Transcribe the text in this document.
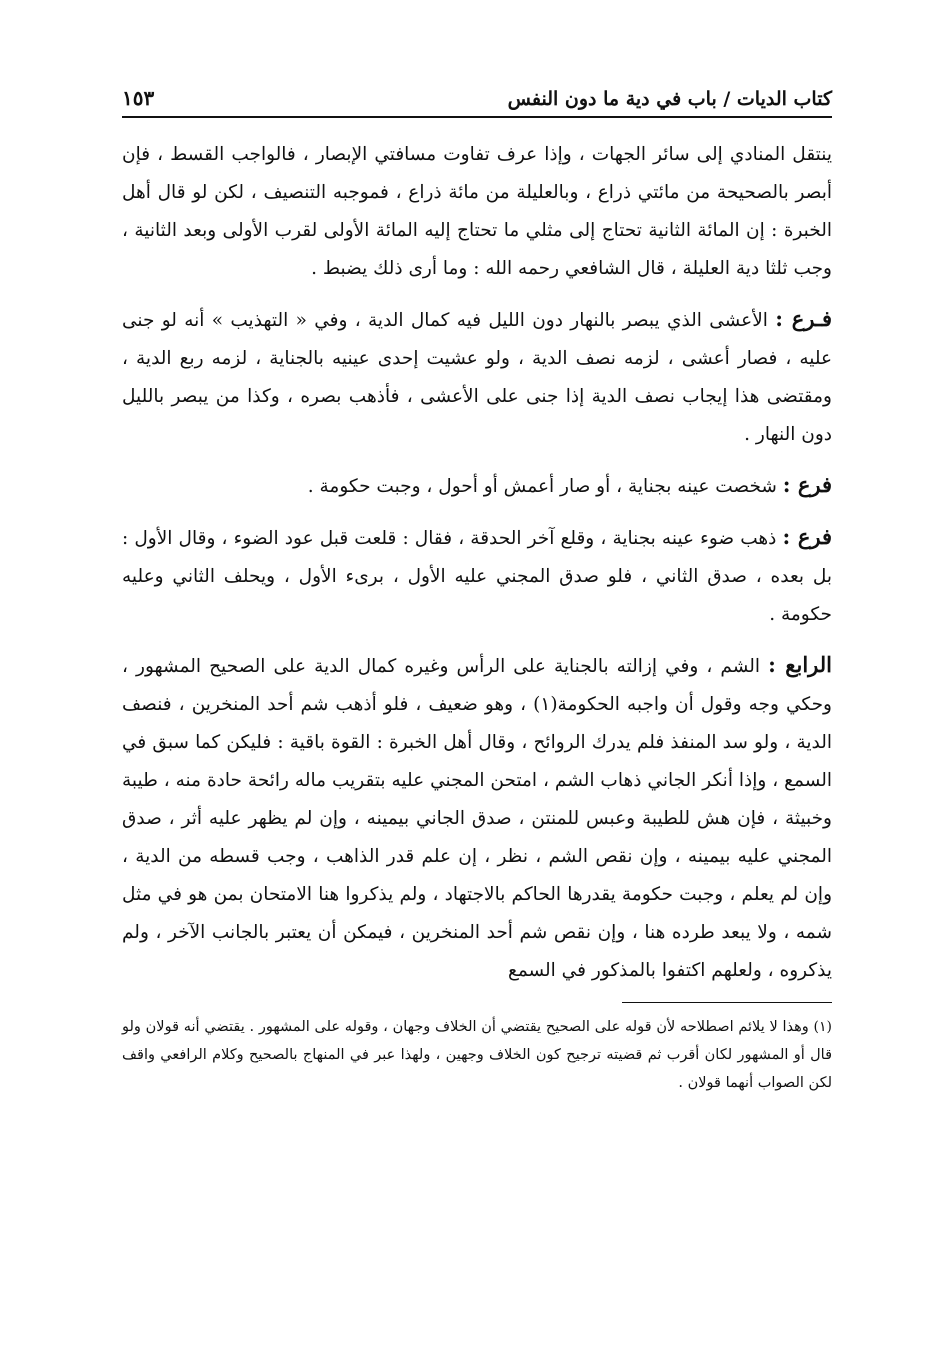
كتاب الديات / باب في دية ما دون النفس
١٥٣

ينتقل المنادي إلى سائر الجهات ، وإذا عرف تفاوت مسافتي الإبصار ، فالواجب القسط ، فإن أبصر بالصحيحة من مائتي ذراع ، وبالعليلة من مائة ذراع ، فموجبه التنصيف ، لكن لو قال أهل الخبرة : إن المائة الثانية تحتاج إلى مثلي ما تحتاج إليه المائة الأولى لقرب الأولى وبعد الثانية ، وجب ثلثا دية العليلة ، قال الشافعي رحمه الله : وما أرى ذلك يضبط .

فـرع : الأعشى الذي يبصر بالنهار دون الليل فيه كمال الدية ، وفي « التهذيب » أنه لو جنى عليه ، فصار أعشى ، لزمه نصف الدية ، ولو عشيت إحدى عينيه بالجناية ، لزمه ربع الدية ، ومقتضى هذا إيجاب نصف الدية إذا جنى على الأعشى ، فأذهب بصره ، وكذا من يبصر بالليل دون النهار .

فرع : شخصت عينه بجناية ، أو صار أعمش أو أحول ، وجبت حكومة .

فرع : ذهب ضوء عينه بجناية ، وقلع آخر الحدقة ، فقال : قلعت قبل عود الضوء ، وقال الأول : بل بعده ، صدق الثاني ، فلو صدق المجني عليه الأول ، برىء الأول ، ويحلف الثاني وعليه حكومة .

الرابع : الشم ، وفي إزالته بالجناية على الرأس وغيره كمال الدية على الصحيح المشهور ، وحكي وجه وقول أن واجبه الحكومة(١) ، وهو ضعيف ، فلو أذهب شم أحد المنخرين ، فنصف الدية ، ولو سد المنفذ فلم يدرك الروائح ، وقال أهل الخبرة : القوة باقية : فليكن كما سبق في السمع ، وإذا أنكر الجاني ذهاب الشم ، امتحن المجني عليه بتقريب ماله رائحة حادة منه ، طيبة وخبيثة ، فإن هش للطيبة وعبس للمنتن ، صدق الجاني بيمينه ، وإن لم يظهر عليه أثر ، صدق المجني عليه بيمينه ، وإن نقص الشم ، نظر ، إن علم قدر الذاهب ، وجب قسطه من الدية ، وإن لم يعلم ، وجبت حكومة يقدرها الحاكم بالاجتهاد ، ولم يذكروا هنا الامتحان بمن هو في مثل شمه ، ولا يبعد طرده هنا ، وإن نقص شم أحد المنخرين ، فيمكن أن يعتبر بالجانب الآخر ، ولم يذكروه ، ولعلهم اكتفوا بالمذكور في السمع

(١) وهذا لا يلائم اصطلاحه لأن قوله على الصحيح يقتضي أن الخلاف وجهان ، وقوله على المشهور . يقتضي أنه قولان ولو قال أو المشهور لكان أقرب ثم قضيته ترجيح كون الخلاف وجهين ، ولهذا عبر في المنهاج بالصحيح وكلام الرافعي واقف لكن الصواب أنهما قولان .
